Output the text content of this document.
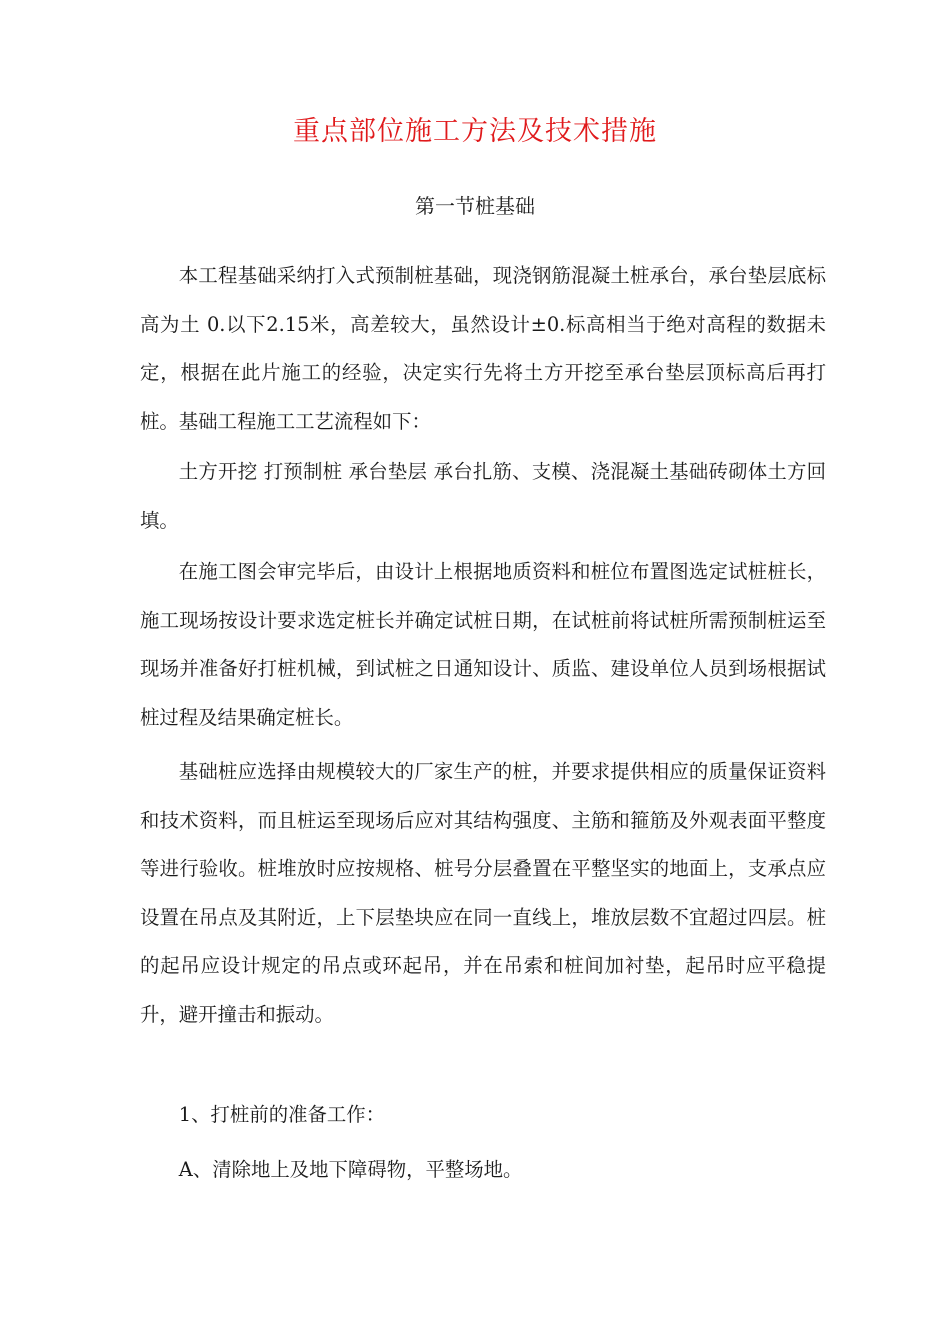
重点部位施工方法及技术措施
第一节桩基础

本工程基础采纳打入式预制桩基础，现浇钢筋混凝土桩承台，承台垫层底标高为土 0.以下2.15米，高差较大，虽然设计±0.标高相当于绝对高程的数据未定，根据在此片施工的经验，决定实行先将土方开挖至承台垫层顶标高后再打桩。基础工程施工工艺流程如下：

土方开挖 打预制桩 承台垫层 承台扎筋、支模、浇混凝土基础砖砌体土方回填。

在施工图会审完毕后，由设计上根据地质资料和桩位布置图选定试桩桩长，施工现场按设计要求选定桩长并确定试桩日期，在试桩前将试桩所需预制桩运至现场并准备好打桩机械，到试桩之日通知设计、质监、建设单位人员到场根据试桩过程及结果确定桩长。

基础桩应选择由规模较大的厂家生产的桩，并要求提供相应的质量保证资料和技术资料，而且桩运至现场后应对其结构强度、主筋和箍筋及外观表面平整度等进行验收。桩堆放时应按规格、桩号分层叠置在平整坚实的地面上，支承点应设置在吊点及其附近，上下层垫块应在同一直线上，堆放层数不宜超过四层。桩的起吊应设计规定的吊点或环起吊，并在吊索和桩间加衬垫，起吊时应平稳提升，避开撞击和振动。

1、打桩前的准备工作：

A、清除地上及地下障碍物，平整场地。
